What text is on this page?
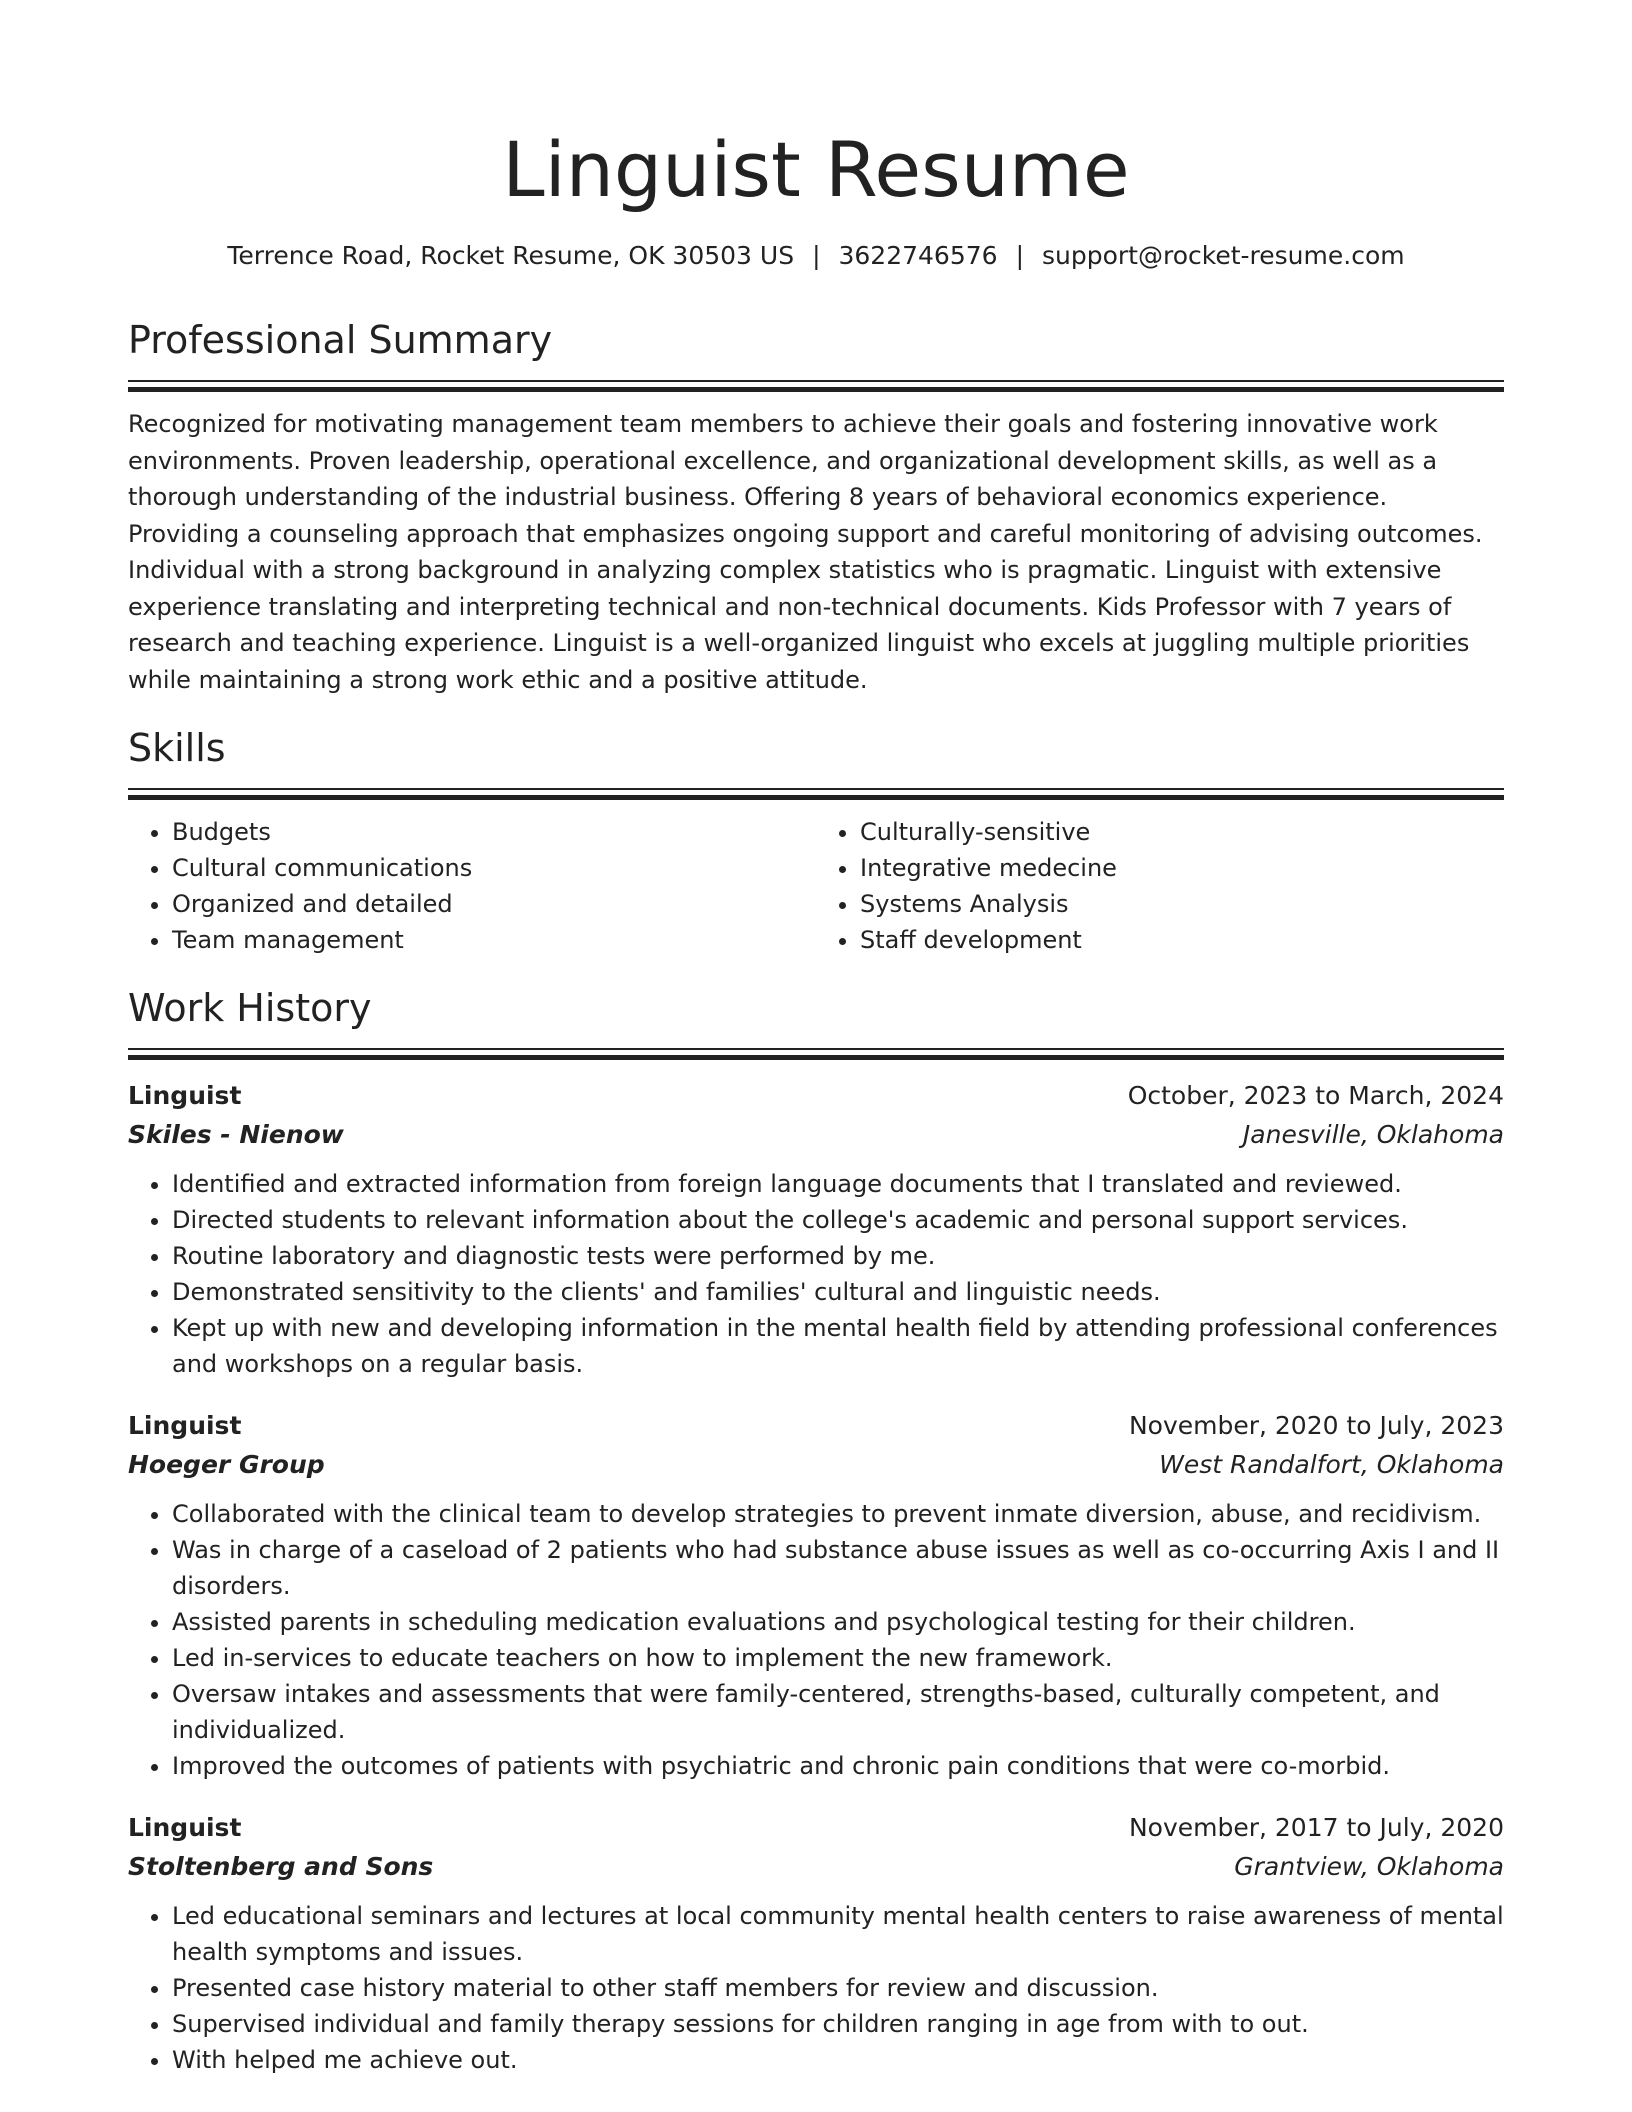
Linguist Resume
Terrence Road, Rocket Resume, OK 30503 US | 3622746576 | support@rocket-resume.com
Professional Summary

Recognized for motivating management team members to achieve their goals and fostering innovative work environments. Proven leadership, operational excellence, and organizational development skills, as well as a thorough understanding of the industrial business. Offering 8 years of behavioral economics experience. Providing a counseling approach that emphasizes ongoing support and careful monitoring of advising outcomes. Individual with a strong background in analyzing complex statistics who is pragmatic. Linguist with extensive experience translating and interpreting technical and non-technical documents. Kids Professor with 7 years of research and teaching experience. Linguist is a well-organized linguist who excels at juggling multiple priorities while maintaining a strong work ethic and a positive attitude.

Skills
• Budgets
• Cultural communications
• Organized and detailed
• Team management
• Culturally-sensitive
• Integrative medecine
• Systems Analysis
• Staff development
Work History
Linguist	October, 2023 to March, 2024
Skiles - Nienow	Janesville, Oklahoma
• Identified and extracted information from foreign language documents that I translated and reviewed.
• Directed students to relevant information about the college's academic and personal support services.
• Routine laboratory and diagnostic tests were performed by me.
• Demonstrated sensitivity to the clients' and families' cultural and linguistic needs.
• Kept up with new and developing information in the mental health field by attending professional conferences and workshops on a regular basis.
Linguist	November, 2020 to July, 2023
Hoeger Group	West Randalfort, Oklahoma
• Collaborated with the clinical team to develop strategies to prevent inmate diversion, abuse, and recidivism.
• Was in charge of a caseload of 2 patients who had substance abuse issues as well as co-occurring Axis I and II disorders.
• Assisted parents in scheduling medication evaluations and psychological testing for their children.
• Led in-services to educate teachers on how to implement the new framework.
• Oversaw intakes and assessments that were family-centered, strengths-based, culturally competent, and individualized.
• Improved the outcomes of patients with psychiatric and chronic pain conditions that were co-morbid.
Linguist	November, 2017 to July, 2020
Stoltenberg and Sons	Grantview, Oklahoma
• Led educational seminars and lectures at local community mental health centers to raise awareness of mental health symptoms and issues.
• Presented case history material to other staff members for review and discussion.
• Supervised individual and family therapy sessions for children ranging in age from with to out.
• With helped me achieve out.
